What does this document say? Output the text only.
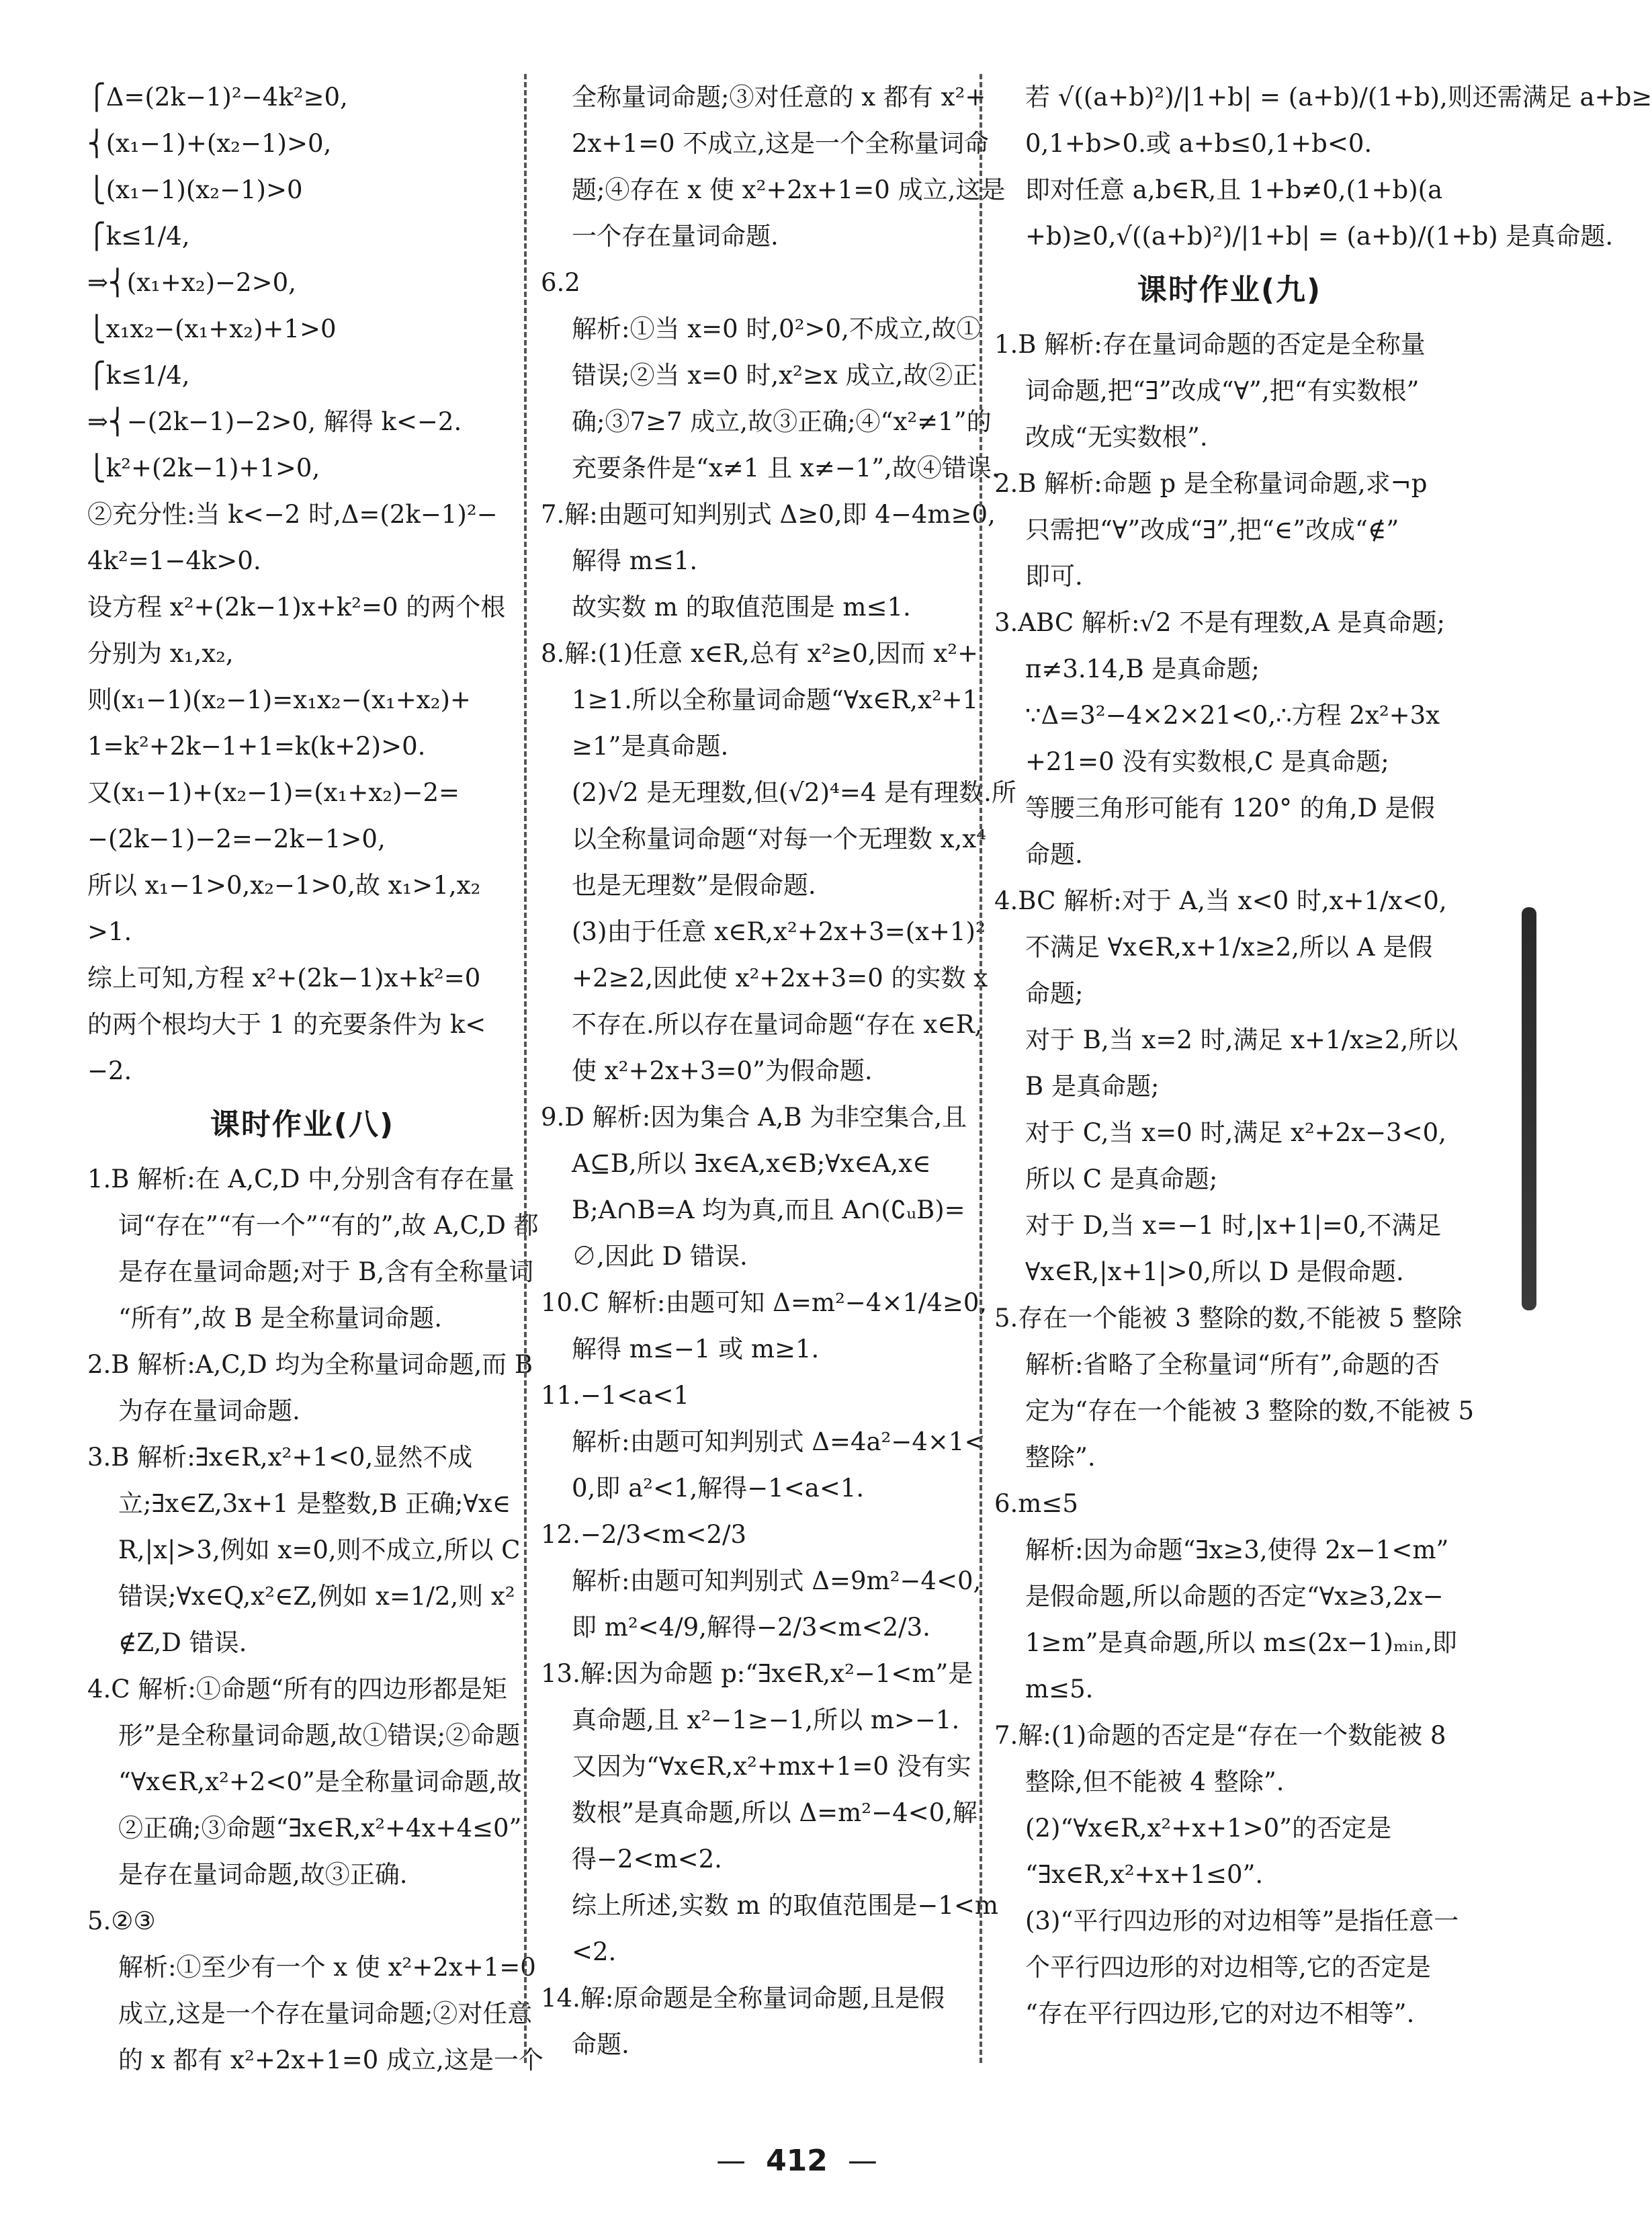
⎧Δ=(2k−1)²−4k²≥0,
⎨(x₁−1)+(x₂−1)>0,
⎩(x₁−1)(x₂−1)>0
⎧k≤1/4,
⇒⎨(x₁+x₂)−2>0,
⎩x₁x₂−(x₁+x₂)+1>0
⎧k≤1/4,
⇒⎨−(2k−1)−2>0, 解得 k<−2.
⎩k²+(2k−1)+1>0,
②充分性:当 k<−2 时,Δ=(2k−1)²−
4k²=1−4k>0.
设方程 x²+(2k−1)x+k²=0 的两个根
分别为 x₁,x₂,
则(x₁−1)(x₂−1)=x₁x₂−(x₁+x₂)+
1=k²+2k−1+1=k(k+2)>0.
又(x₁−1)+(x₂−1)=(x₁+x₂)−2=
−(2k−1)−2=−2k−1>0,
所以 x₁−1>0,x₂−1>0,故 x₁>1,x₂
>1.
综上可知,方程 x²+(2k−1)x+k²=0
的两个根均大于 1 的充要条件为 k<
−2.
课时作业(八)
1.B 解析:在 A,C,D 中,分别含有存在量
词“存在”“有一个”“有的”,故 A,C,D 都
是存在量词命题;对于 B,含有全称量词
“所有”,故 B 是全称量词命题.
2.B 解析:A,C,D 均为全称量词命题,而 B
为存在量词命题.
3.B 解析:∃x∈R,x²+1<0,显然不成
立;∃x∈Z,3x+1 是整数,B 正确;∀x∈
R,|x|>3,例如 x=0,则不成立,所以 C
错误;∀x∈Q,x²∈Z,例如 x=1/2,则 x²
∉Z,D 错误.
4.C 解析:①命题“所有的四边形都是矩
形”是全称量词命题,故①错误;②命题
“∀x∈R,x²+2<0”是全称量词命题,故
②正确;③命题“∃x∈R,x²+4x+4≤0”
是存在量词命题,故③正确.
5.②③
解析:①至少有一个 x 使 x²+2x+1=0
成立,这是一个存在量词命题;②对任意
的 x 都有 x²+2x+1=0 成立,这是一个
全称量词命题;③对任意的 x 都有 x²+
2x+1=0 不成立,这是一个全称量词命
题;④存在 x 使 x²+2x+1=0 成立,这是
一个存在量词命题.
6.2
解析:①当 x=0 时,0²>0,不成立,故①
错误;②当 x=0 时,x²≥x 成立,故②正
确;③7≥7 成立,故③正确;④“x²≠1”的
充要条件是“x≠1 且 x≠−1”,故④错误.
7.解:由题可知判别式 Δ≥0,即 4−4m≥0,
解得 m≤1.
故实数 m 的取值范围是 m≤1.
8.解:(1)任意 x∈R,总有 x²≥0,因而 x²+
1≥1.所以全称量词命题“∀x∈R,x²+1
≥1”是真命题.
(2)√2 是无理数,但(√2)⁴=4 是有理数.所
以全称量词命题“对每一个无理数 x,x⁴
也是无理数”是假命题.
(3)由于任意 x∈R,x²+2x+3=(x+1)²
+2≥2,因此使 x²+2x+3=0 的实数 x
不存在.所以存在量词命题“存在 x∈R,
使 x²+2x+3=0”为假命题.
9.D 解析:因为集合 A,B 为非空集合,且
A⊆B,所以 ∃x∈A,x∈B;∀x∈A,x∈
B;A∩B=A 均为真,而且 A∩(∁ᵤB)=
∅,因此 D 错误.
10.C 解析:由题可知 Δ=m²−4×1/4≥0,
解得 m≤−1 或 m≥1.
11.−1<a<1
解析:由题可知判别式 Δ=4a²−4×1<
0,即 a²<1,解得−1<a<1.
12.−2/3<m<2/3
解析:由题可知判别式 Δ=9m²−4<0,
即 m²<4/9,解得−2/3<m<2/3.
13.解:因为命题 p:“∃x∈R,x²−1<m”是
真命题,且 x²−1≥−1,所以 m>−1.
又因为“∀x∈R,x²+mx+1=0 没有实
数根”是真命题,所以 Δ=m²−4<0,解
得−2<m<2.
综上所述,实数 m 的取值范围是−1<m
<2.
14.解:原命题是全称量词命题,且是假
命题.
若 √((a+b)²)/|1+b| = (a+b)/(1+b),则还需满足 a+b≥
0,1+b>0.或 a+b≤0,1+b<0.
即对任意 a,b∈R,且 1+b≠0,(1+b)(a
+b)≥0,√((a+b)²)/|1+b| = (a+b)/(1+b) 是真命题.
课时作业(九)
1.B 解析:存在量词命题的否定是全称量
词命题,把“∃”改成“∀”,把“有实数根”
改成“无实数根”.
2.B 解析:命题 p 是全称量词命题,求¬p
只需把“∀”改成“∃”,把“∈”改成“∉”
即可.
3.ABC 解析:√2 不是有理数,A 是真命题;
π≠3.14,B 是真命题;
∵Δ=3²−4×2×21<0,∴方程 2x²+3x
+21=0 没有实数根,C 是真命题;
等腰三角形可能有 120° 的角,D 是假
命题.
4.BC 解析:对于 A,当 x<0 时,x+1/x<0,
不满足 ∀x∈R,x+1/x≥2,所以 A 是假
命题;
对于 B,当 x=2 时,满足 x+1/x≥2,所以
B 是真命题;
对于 C,当 x=0 时,满足 x²+2x−3<0,
所以 C 是真命题;
对于 D,当 x=−1 时,|x+1|=0,不满足
∀x∈R,|x+1|>0,所以 D 是假命题.
5.存在一个能被 3 整除的数,不能被 5 整除
解析:省略了全称量词“所有”,命题的否
定为“存在一个能被 3 整除的数,不能被 5
整除”.
6.m≤5
解析:因为命题“∃x≥3,使得 2x−1<m”
是假命题,所以命题的否定“∀x≥3,2x−
1≥m”是真命题,所以 m≤(2x−1)ₘᵢₙ,即
m≤5.
7.解:(1)命题的否定是“存在一个数能被 8
整除,但不能被 4 整除”.
(2)“∀x∈R,x²+x+1>0”的否定是
“∃x∈R,x²+x+1≤0”.
(3)“平行四边形的对边相等”是指任意一
个平行四边形的对边相等,它的否定是
“存在平行四边形,它的对边不相等”.
— 412 —
